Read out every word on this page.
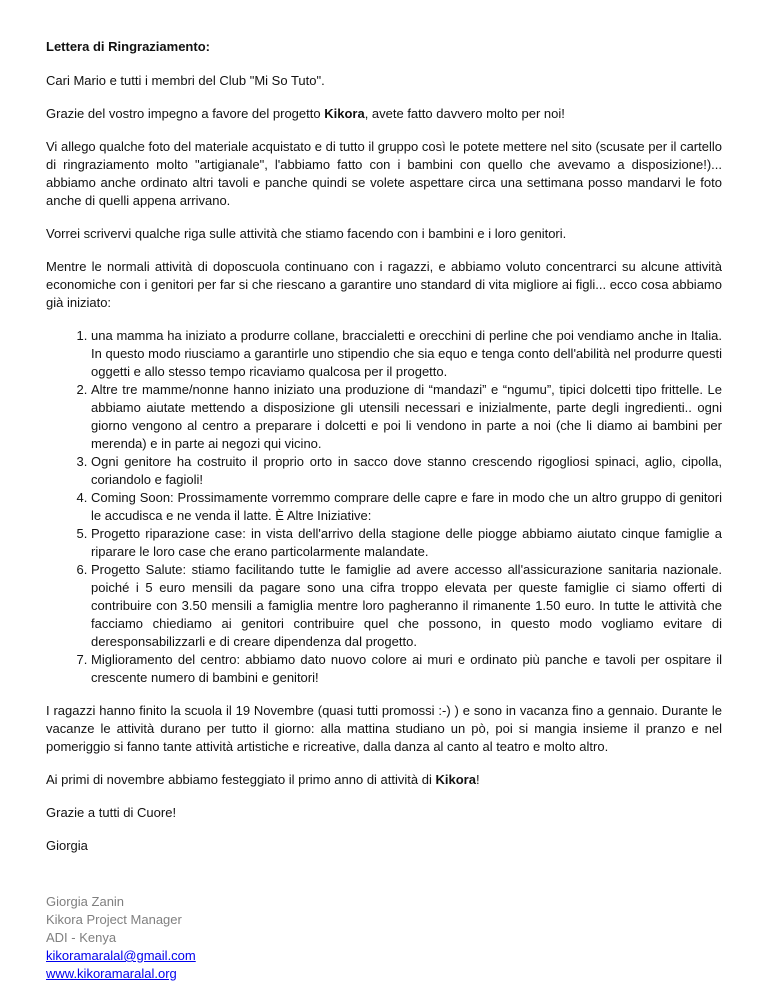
Lettera di Ringraziamento:

Cari Mario e tutti i membri del Club "Mi So Tuto".

Grazie del vostro impegno a favore del progetto Kikora, avete fatto davvero molto per noi!

Vi allego qualche foto del materiale acquistato e di tutto il gruppo così le potete mettere nel sito (scusate per il cartello di ringraziamento molto "artigianale", l'abbiamo fatto con i bambini con quello che avevamo a disposizione!)... abbiamo anche ordinato altri tavoli e panche quindi se volete aspettare circa una settimana posso mandarvi le foto anche di quelli appena arrivano.

Vorrei scrivervi qualche riga sulle attività che stiamo facendo con i bambini e i loro genitori.

Mentre le normali attività di doposcuola continuano con i ragazzi, e abbiamo voluto concentrarci su alcune attività economiche con i genitori per far si che riescano a garantire uno standard di vita migliore ai figli... ecco cosa abbiamo già iniziato:

1. una mamma ha iniziato a produrre collane, braccialetti e orecchini di perline che poi vendiamo anche in Italia. In questo modo riusciamo a garantirle uno stipendio che sia equo e tenga conto dell'abilità nel produrre questi oggetti e allo stesso tempo ricaviamo qualcosa per il progetto.
2. Altre tre mamme/nonne hanno iniziato una produzione di “mandazi” e “ngumu”, tipici dolcetti tipo frittelle. Le abbiamo aiutate mettendo a disposizione gli utensili necessari e inizialmente, parte degli ingredienti.. ogni giorno vengono al centro a preparare i dolcetti e poi li vendono in parte a noi (che li diamo ai bambini per merenda) e in parte ai negozi qui vicino.
3. Ogni genitore ha costruito il proprio orto in sacco dove stanno crescendo rigogliosi spinaci, aglio, cipolla, coriandolo e fagioli!
4. Coming Soon: Prossimamente vorremmo comprare delle capre e fare in modo che un altro gruppo di genitori le accudisca e ne venda il latte. È Altre Iniziative:
5. Progetto riparazione case: in vista dell'arrivo della stagione delle piogge abbiamo aiutato cinque famiglie a riparare le loro case che erano particolarmente malandate.
6. Progetto Salute: stiamo facilitando tutte le famiglie ad avere accesso all'assicurazione sanitaria nazionale. poiché i 5 euro mensili da pagare sono una cifra troppo elevata per queste famiglie ci siamo offerti di contribuire con 3.50 mensili a famiglia mentre loro pagheranno il rimanente 1.50 euro. In tutte le attività che facciamo chiediamo ai genitori contribuire quel che possono, in questo modo vogliamo evitare di deresponsabilizzarli e di creare dipendenza dal progetto.
7. Miglioramento del centro: abbiamo dato nuovo colore ai muri e ordinato più panche e tavoli per ospitare il crescente numero di bambini e genitori!

I ragazzi hanno finito la scuola il 19 Novembre (quasi tutti promossi :-) ) e sono in vacanza fino a gennaio. Durante le vacanze le attività durano per tutto il giorno: alla mattina studiano un pò, poi si mangia insieme il pranzo e nel pomeriggio si fanno tante attività artistiche e ricreative, dalla danza al canto al teatro e molto altro.

Ai primi di novembre abbiamo festeggiato il primo anno di attività di Kikora!

Grazie a tutti di Cuore!

Giorgia

Giorgia Zanin
Kikora Project Manager
ADI - Kenya
kikoramaralal@gmail.com
www.kikoramaralal.org
